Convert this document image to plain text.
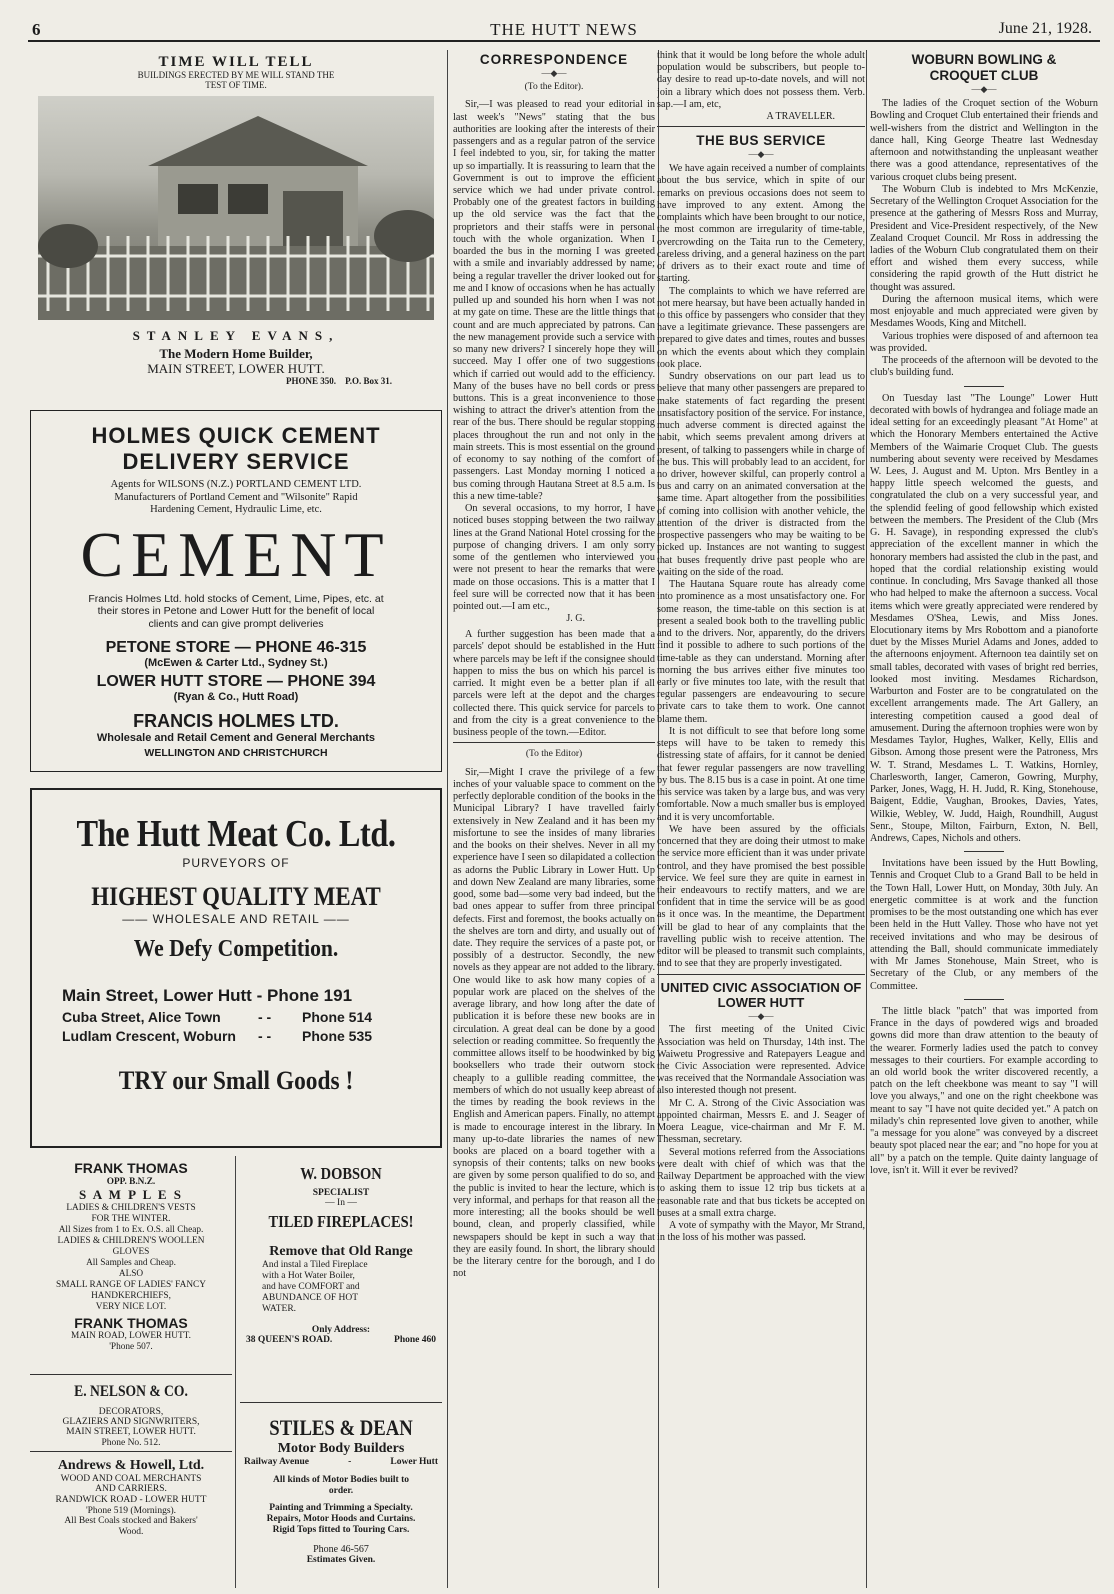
6	THE HUTT NEWS	June 21, 1928.
TIME WILL TELL
BUILDINGS ERECTED BY ME WILL STAND THE
TEST OF TIME.
STANLEY EVANS,
The Modern Home Builder,
MAIN STREET, LOWER HUTT.
PHONE 350. P.O. Box 31.
HOLMES QUICK CEMENT
DELIVERY SERVICE
Agents for WILSONS (N.Z.) PORTLAND CEMENT LTD.
Manufacturers of Portland Cement and "Wilsonite" Rapid
Hardening Cement, Hydraulic Lime, etc.
CEMENT
Francis Holmes Ltd. hold stocks of Cement, Lime, Pipes, etc. at
their stores in Petone and Lower Hutt for the benefit of local
clients and can give prompt deliveries
PETONE STORE — PHONE 46-315
(McEwen & Carter Ltd., Sydney St.)
LOWER HUTT STORE — PHONE 394
(Ryan & Co., Hutt Road)
FRANCIS HOLMES LTD.
Wholesale and Retail Cement and General Merchants
WELLINGTON AND CHRISTCHURCH
The Hutt Meat Co. Ltd.
PURVEYORS OF
HIGHEST QUALITY MEAT
—— WHOLESALE AND RETAIL ——
We Defy Competition.
Main Street, Lower Hutt - Phone 191
Cuba Street, Alice Town	- -	Phone 514
Ludlam Crescent, Woburn	- -	Phone 535
TRY our Small Goods !
FRANK THOMAS
OPP. B.N.Z.
S A M P L E S
LADIES & CHILDREN'S VESTS
FOR THE WINTER.
All Sizes from 1 to Ex. O.S. all Cheap.
LADIES & CHILDREN'S WOOLLEN
GLOVES
All Samples and Cheap.
ALSO
SMALL RANGE OF LADIES' FANCY
HANDKERCHIEFS,
VERY NICE LOT.
FRANK THOMAS
MAIN ROAD, LOWER HUTT.
'Phone 507.
W. DOBSON
SPECIALIST
— In —
TILED FIREPLACES!
Remove that Old Range
And instal a Tiled Fireplace
with a Hot Water Boiler,
and have COMFORT and
ABUNDANCE OF HOT
WATER.
Only Address:
38 QUEEN'S ROAD.	Phone 460
E. NELSON & CO.
DECORATORS,
GLAZIERS AND SIGNWRITERS,
MAIN STREET, LOWER HUTT.
Phone No. 512.
Andrews & Howell, Ltd.
WOOD AND COAL MERCHANTS
AND CARRIERS.
RANDWICK ROAD - LOWER HUTT
'Phone 519 (Mornings).
All Best Coals stocked and Bakers'
Wood.
STILES & DEAN
Motor Body Builders
Railway Avenue	-	Lower Hutt
All kinds of Motor Bodies built to
order.
Painting and Trimming a Specialty.
Repairs, Motor Hoods and Curtains.
Rigid Tops fitted to Touring Cars.
Phone 46-567
Estimates Given.
CORRESPONDENCE
—◆—
(To the Editor).

Sir,—I was pleased to read your editorial in last week's "News" stating that the bus authorities are looking after the interests of their passengers and as a regular patron of the service I feel indebted to you, sir, for taking the matter up so impartially. It is reassuring to learn that the Government is out to improve the efficient service which we had under private control. Probably one of the greatest factors in building up the old service was the fact that the proprietors and their staffs were in personal touch with the whole organization. When I boarded the bus in the morning I was greeted with a smile and invariably addressed by name; being a regular traveller the driver looked out for me and I know of occasions when he has actually pulled up and sounded his horn when I was not at my gate on time. These are the little things that count and are much appreciated by patrons. Can the new management provide such a service with so many new drivers? I sincerely hope they will succeed. May I offer one of two suggestions which if carried out would add to the efficiency. Many of the buses have no bell cords or press buttons. This is a great inconvenience to those wishing to attract the driver's attention from the rear of the bus. There should be regular stopping places throughout the run and not only in the main streets. This is most essential on the ground of economy to say nothing of the comfort of passengers. Last Monday morning I noticed a bus coming through Hautana Street at 8.5 a.m. Is this a new time-table?

On several occasions, to my horror, I have noticed buses stopping between the two railway lines at the Grand National Hotel crossing for the purpose of changing drivers. I am only sorry some of the gentlemen who interviewed you were not present to hear the remarks that were made on those occasions. This is a matter that I feel sure will be corrected now that it has been pointed out.—I am etc.,

J. G.

A further suggestion has been made that a parcels' depot should be established in the Hutt where parcels may be left if the consignee should happen to miss the bus on which his parcel is carried. It might even be a better plan if all parcels were left at the depot and the charges collected there. This quick service for parcels to and from the city is a great convenience to the business people of the town.—Editor.

(To the Editor)

Sir,—Might I crave the privilege of a few inches of your valuable space to comment on the perfectly deplorable condition of the books in the Municipal Library? I have travelled fairly extensively in New Zealand and it has been my misfortune to see the insides of many libraries and the books on their shelves. Never in all my experience have I seen so dilapidated a collection as adorns the Public Library in Lower Hutt. Up and down New Zealand are many libraries, some good, some bad—some very bad indeed, but the bad ones appear to suffer from three principal defects. First and foremost, the books actually on the shelves are torn and dirty, and usually out of date. They require the services of a paste pot, or possibly of a destructor. Secondly, the new novels as they appear are not added to the library. One would like to ask how many copies of a popular work are placed on the shelves of the average library, and how long after the date of publication it is before these new books are in circulation. A great deal can be done by a good selection or reading committee. So frequently the committee allows itself to be hoodwinked by big booksellers who trade their outworn stock cheaply to a gullible reading committee, the members of which do not usually keep abreast of the times by reading the book reviews in the English and American papers. Finally, no attempt is made to encourage interest in the library. In many up-to-date libraries the names of new books are placed on a board together with a synopsis of their contents; talks on new books are given by some person qualified to do so, and the public is invited to hear the lecture, which is very informal, and perhaps for that reason all the more interesting; all the books should be well bound, clean, and properly classified, while newspapers should be kept in such a way that they are easily found. In short, the library should be the literary centre for the borough, and I do not

think that it would be long before the whole adult population would be subscribers, but people to-day desire to read up-to-date novels, and will not join a library which does not possess them. Verb. sap.—I am, etc,

A TRAVELLER.
THE BUS SERVICE
—◆—

We have again received a number of complaints about the bus service, which in spite of our remarks on previous occasions does not seem to have improved to any extent. Among the complaints which have been brought to our notice, the most common are irregularity of time-table, overcrowding on the Taita run to the Cemetery, careless driving, and a general haziness on the part of drivers as to their exact route and time of starting.

The complaints to which we have referred are not mere hearsay, but have been actually handed in to this office by passengers who consider that they have a legitimate grievance. These passengers are prepared to give dates and times, routes and busses on which the events about which they complain took place.

Sundry observations on our part lead us to believe that many other passengers are prepared to make statements of fact regarding the present unsatisfactory position of the service. For instance, much adverse comment is directed against the habit, which seems prevalent among drivers at present, of talking to passengers while in charge of the bus. This will probably lead to an accident, for no driver, however skilful, can properly control a bus and carry on an animated conversation at the same time. Apart altogether from the possibilities of coming into collision with another vehicle, the attention of the driver is distracted from the prospective passengers who may be waiting to be picked up. Instances are not wanting to suggest that buses frequently drive past people who are waiting on the side of the road.

The Hautana Square route has already come into prominence as a most unsatisfactory one. For some reason, the time-table on this section is at present a sealed book both to the travelling public and to the drivers. Nor, apparently, do the drivers find it possible to adhere to such portions of the time-table as they can understand. Morning after morning the bus arrives either five minutes too early or five minutes too late, with the result that regular passengers are endeavouring to secure private cars to take them to work. One cannot blame them.

It is not difficult to see that before long some steps will have to be taken to remedy this distressing state of affairs, for it cannot be denied that fewer regular passengers are now travelling by bus. The 8.15 bus is a case in point. At one time this service was taken by a large bus, and was very comfortable. Now a much smaller bus is employed and it is very uncomfortable.

We have been assured by the officials concerned that they are doing their utmost to make the service more efficient than it was under private control, and they have promised the best possible service. We feel sure they are quite in earnest in their endeavours to rectify matters, and we are confident that in time the service will be as good as it once was. In the meantime, the Department will be glad to hear of any complaints that the travelling public wish to receive attention. The editor will be pleased to transmit such complaints, and to see that they are properly investigated.

UNITED CIVIC ASSOCIATION OF LOWER HUTT
—◆—

The first meeting of the United Civic Association was held on Thursday, 14th inst. The Waiwetu Progressive and Ratepayers League and the Civic Association were represented. Advice was received that the Normandale Association was also interested though not present.

Mr C. A. Strong of the Civic Association was appointed chairman, Messrs E. and J. Seager of Moera League, vice-chairman and Mr F. M. Thessman, secretary.

Several motions referred from the Associations were dealt with chief of which was that the Railway Department be approached with the view to asking them to issue 12 trip bus tickets at a reasonable rate and that bus tickets be accepted on buses at a small extra charge.

A vote of sympathy with the Mayor, Mr Strand, in the loss of his mother was passed.

WOBURN BOWLING & CROQUET CLUB
—◆—

The ladies of the Croquet section of the Woburn Bowling and Croquet Club entertained their friends and well-wishers from the district and Wellington in the dance hall, King George Theatre last Wednesday afternoon and notwithstanding the unpleasant weather there was a good attendance, representatives of the various croquet clubs being present.

The Woburn Club is indebted to Mrs McKenzie, Secretary of the Wellington Croquet Association for the presence at the gathering of Messrs Ross and Murray, President and Vice-President respectively, of the New Zealand Croquet Council. Mr Ross in addressing the ladies of the Woburn Club congratulated them on their effort and wished them every success, while considering the rapid growth of the Hutt district he thought was assured.

During the afternoon musical items, which were most enjoyable and much appreciated were given by Mesdames Woods, King and Mitchell.

Various trophies were disposed of and afternoon tea was provided.

The proceeds of the afternoon will be devoted to the club's building fund.

On Tuesday last "The Lounge" Lower Hutt decorated with bowls of hydrangea and foliage made an ideal setting for an exceedingly pleasant "At Home" at which the Honorary Members entertained the Active Members of the Waimarie Croquet Club. The guests numbering about seventy were received by Mesdames W. Lees, J. August and M. Upton. Mrs Bentley in a happy little speech welcomed the guests, and congratulated the club on a very successful year, and the splendid feeling of good fellowship which existed between the members. The President of the Club (Mrs G. H. Savage), in responding expressed the club's appreciation of the excellent manner in which the honorary members had assisted the club in the past, and hoped that the cordial relationship existing would continue. In concluding, Mrs Savage thanked all those who had helped to make the afternoon a success. Vocal items which were greatly appreciated were rendered by Mesdames O'Shea, Lewis, and Miss Jones. Elocutionary items by Mrs Robottom and a pianoforte duet by the Misses Muriel Adams and Jones, added to the afternoons enjoyment. Afternoon tea daintily set on small tables, decorated with vases of bright red berries, looked most inviting. Mesdames Richardson, Warburton and Foster are to be congratulated on the excellent arrangements made. The Art Gallery, an interesting competition caused a good deal of amusement. During the afternoon trophies were won by Mesdames Taylor, Hughes, Walker, Kelly, Ellis and Gibson. Among those present were the Patroness, Mrs W. T. Strand, Mesdames L. T. Watkins, Hornley, Charlesworth, Ianger, Cameron, Gowring, Murphy, Parker, Jones, Wagg, H. H. Judd, R. King, Stonehouse, Baigent, Eddie, Vaughan, Brookes, Davies, Yates, Wilkie, Webley, W. Judd, Haigh, Roundhill, August Senr., Stoupe, Milton, Fairburn, Exton, N. Bell, Andrews, Capes, Nichols and others.

Invitations have been issued by the Hutt Bowling, Tennis and Croquet Club to a Grand Ball to be held in the Town Hall, Lower Hutt, on Monday, 30th July. An energetic committee is at work and the function promises to be the most outstanding one which has ever been held in the Hutt Valley. Those who have not yet received invitations and who may be desirous of attending the Ball, should communicate immediately with Mr James Stonehouse, Main Street, who is Secretary of the Club, or any members of the Committee.

The little black "patch" that was imported from France in the days of powdered wigs and broaded gowns did more than draw attention to the beauty of the wearer. Formerly ladies used the patch to convey messages to their courtiers. For example according to an old world book the writer discovered recently, a patch on the left cheekbone was meant to say "I will love you always," and one on the right cheekbone was meant to say "I have not quite decided yet." A patch on milady's chin represented love given to another, while "a message for you alone" was conveyed by a discreet beauty spot placed near the ear; and "no hope for you at all" by a patch on the temple. Quite dainty language of love, isn't it. Will it ever be revived?
